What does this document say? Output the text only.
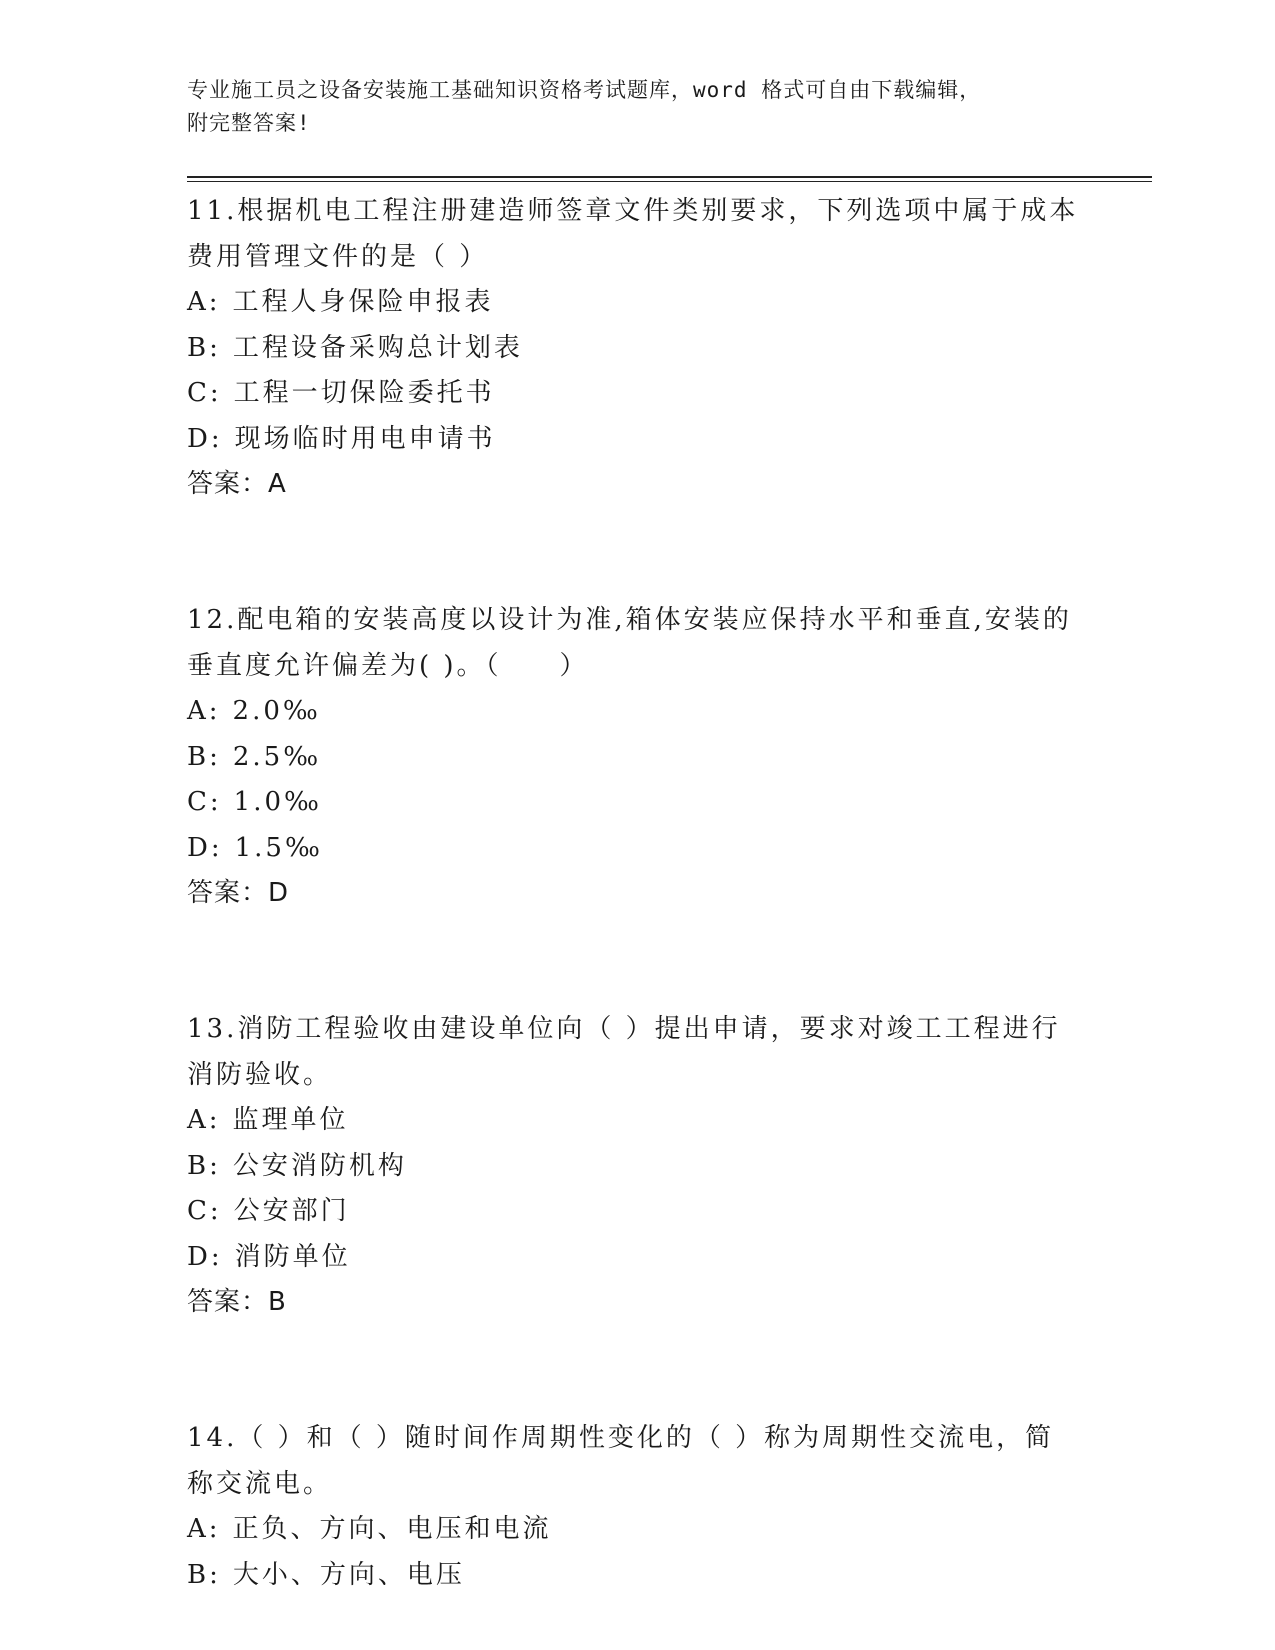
专业施工员之设备安装施工基础知识资格考试题库，word 格式可自由下载编辑，
附完整答案!

11.根据机电工程注册建造师签章文件类别要求，下列选项中属于成本

费用管理文件的是（ ）

A: 工程人身保险申报表

B: 工程设备采购总计划表

C: 工程一切保险委托书

D: 现场临时用电申请书

答案：A

12.配电箱的安装高度以设计为准,箱体安装应保持水平和垂直,安装的

垂直度允许偏差为( )。（　　）

A: 2.0‰

B: 2.5‰

C: 1.0‰

D: 1.5‰

答案：D

13.消防工程验收由建设单位向（ ）提出申请，要求对竣工工程进行

消防验收。

A: 监理单位

B: 公安消防机构

C: 公安部门

D: 消防单位

答案：B

14.（ ）和（ ）随时间作周期性变化的（ ）称为周期性交流电，简

称交流电。

A: 正负、方向、电压和电流

B: 大小、方向、电压
